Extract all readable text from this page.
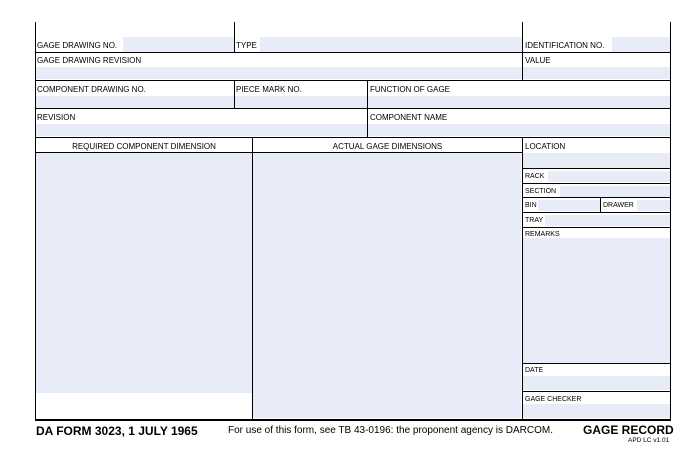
GAGE DRAWING NO.	TYPE	IDENTIFICATION NO.
GAGE DRAWING REVISION	VALUE
COMPONENT DRAWING NO.	PIECE MARK NO.	FUNCTION OF GAGE
REVISION	COMPONENT NAME
REQUIRED COMPONENT DIMENSION	ACTUAL GAGE DIMENSIONS	LOCATION
RACK
SECTION
BIN	DRAWER
TRAY
REMARKS
DATE
GAGE CHECKER
DA FORM 3023, 1 JULY 1965	For use of this form, see TB 43-0196: the proponent agency is DARCOM.	GAGE RECORD
APD LC v1.01
